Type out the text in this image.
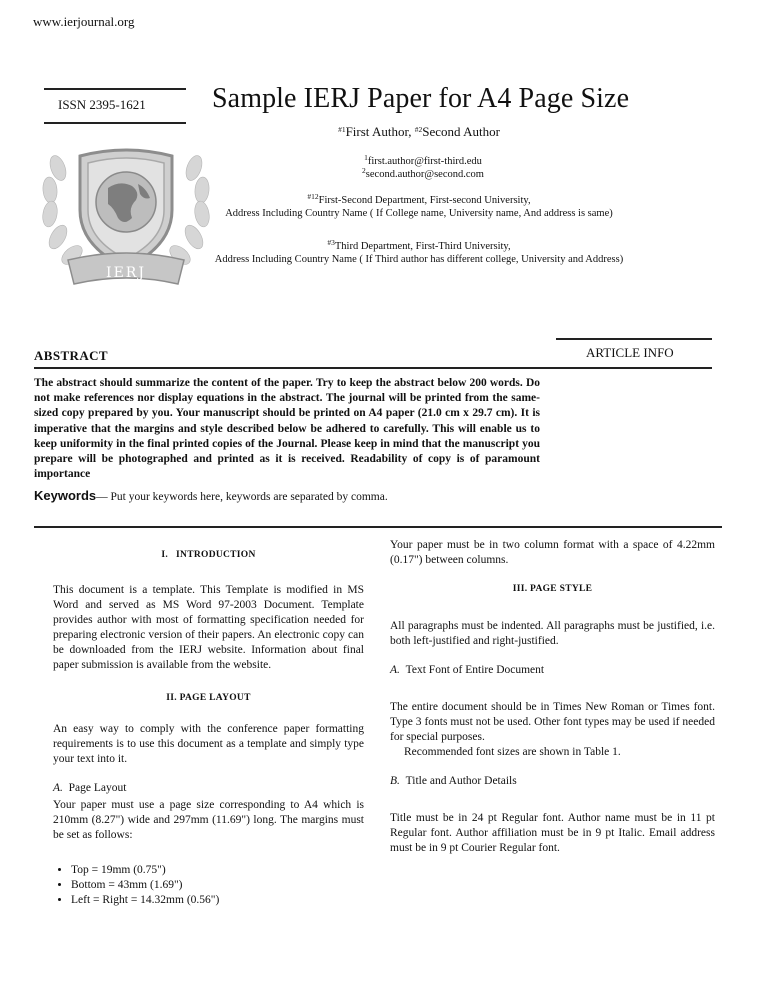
www.ierjournal.org
ISSN 2395-1621 Sample IERJ Paper for A4 Page Size
$^{\#1}$First Author, $^{\#2}$Second Author
$^1$first.author@first-third.edu
$^2$second.author@second.com
$^{\#12}$First-Second Department, First-second University,
Address Including Country Name ( If College name, University name, And address is same)
$^{\#3}$Third Department, First-Third University,
Address Including Country Name ( If Third author has different college, University and Address)
IERJ
ABSTRACT	ARTICLE INFO
The abstract should summarize the content of the paper. Try to keep the abstract below 200 words. Do not make references nor display equations in the abstract. The journal will be printed from the same-sized copy prepared by you. Your manuscript should be printed on A4 paper (21.0 cm x 29.7 cm). It is imperative that the margins and style described below be adhered to carefully. This will enable us to keep uniformity in the final printed copies of the Journal. Please keep in mind that the manuscript you prepare will be photographed and printed as it is received. Readability of copy is of paramount importance
Keywords— Put your keywords here, keywords are separated by comma.
I. INTRODUCTION

This document is a template. This Template is modified in MS Word and served as MS Word 97-2003 Document. Template provides author with most of formatting specification needed for preparing electronic version of their papers. An electronic copy can be downloaded from the IERJ website. Information about final paper submission is available from the website.

II. PAGE LAYOUT

An easy way to comply with the conference paper formatting requirements is to use this document as a template and simply type your text into it.

A. Page Layout

Your paper must use a page size corresponding to A4 which is 210mm (8.27") wide and 297mm (11.69") long. The margins must be set as follows:

• Top = 19mm (0.75")
• Bottom = 43mm (1.69")
• Left = Right = 14.32mm (0.56")

Your paper must be in two column format with a space of 4.22mm (0.17") between columns.

III. PAGE STYLE

All paragraphs must be indented. All paragraphs must be justified, i.e. both left-justified and right-justified.

A. Text Font of Entire Document

The entire document should be in Times New Roman or Times font. Type 3 fonts must not be used. Other font types may be used if needed for special purposes.

Recommended font sizes are shown in Table 1.

B. Title and Author Details

Title must be in 24 pt Regular font. Author name must be in 11 pt Regular font. Author affiliation must be in 9 pt Italic. Email address must be in 9 pt Courier Regular font.
